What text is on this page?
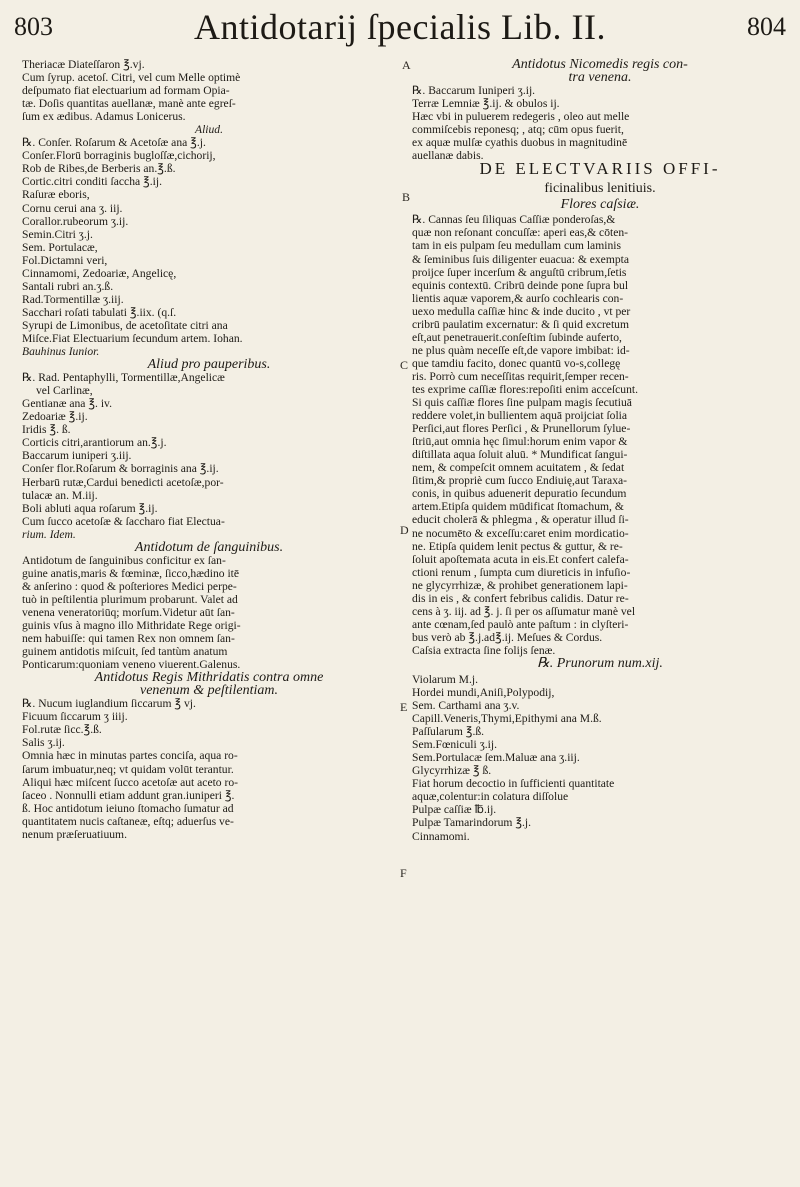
803	Antidotarij ſpecialis Lib. II.	804
A
B
C
D
E
F
Theriacæ Diateſſaron ℥.vj.
Cum ſyrup. acetoſ. Citri, vel cum Melle optimè
deſpumato fiat electuarium ad formam Opia-
tæ. Doſis quantitas auellanæ, manè ante egreſ-
ſum ex ædibus. Adamus Lonicerus.
Aliud.
℞. Conſer. Roſarum & Acetoſæ ana ℥.j.
Conſer.Florū borraginis bugloſſæ,cichorij,
Rob de Ribes,de Berberis an.℥.ß.
Cortic.citri conditi ſaccha ℥.ij.
Raſuræ eboris,
Cornu cerui ana ʒ. iij.
Corallor.rubeorum ʒ.ij.
Semin.Citri ʒ.j.
Sem. Portulacæ,
Fol.Dictamni veri,
Cinnamomi, Zedoariæ, Angelicę,
Santali rubri an.ʒ.ß.
Rad.Tormentillæ ʒ.iij.
Sacchari roſati tabulati ℥.iix. (q.ſ.
Syrupi de Limonibus, de acetoſitate citri ana
Miſce.Fiat Electuarium ſecundum artem. Iohan.
Bauhinus Iunior.
Aliud pro pauperibus.
℞. Rad. Pentaphylli, Tormentillæ,Angelicæ
vel Carlinæ,
Gentianæ ana ℥. iv.
Zedoariæ ℥.ij.
Iridis ℥. ß.
Corticis citri,arantiorum an.℥.j.
Baccarum iuniperi ʒ.iij.
Conſer flor.Roſarum & borraginis ana ℥.ij.
Herbarū rutæ,Cardui benedicti acetoſæ,por-
tulacæ an. M.iij.
Boli abluti aqua roſarum ℥.ij.
Cum ſucco acetoſæ & ſaccharo fiat Electua-
rium. Idem.
Antidotum de ſanguinibus.
Antidotum de ſanguinibus conficitur ex ſan-
guine anatis,maris & fœminæ, ſicco,hædino itē
& anſerino : quod & poſteriores Medici perpe-
tuò in peſtilentia plurimum probarunt. Valet ad
venena veneratoriūq; morſum.Videtur aūt ſan-
guinis vſus à magno illo Mithridate Rege origi-
nem habuiſſe: qui tamen Rex non omnem ſan-
guinem antidotis miſcuit, ſed tantùm anatum
Ponticarum:quoniam veneno viuerent.Galenus.
Antidotus Regis Mithridatis contra omne
venenum & peſtilentiam.
℞. Nucum iuglandium ſiccarum ℥ vj.
Ficuum ſiccarum ʒ iiij.
Fol.rutæ ſicc.℥.ß.
Salis ʒ.ij.
Omnia hæc in minutas partes conciſa, aqua ro-
ſarum imbuatur,neq; vt quidam volūt terantur.
Aliqui hæc miſcent ſucco acetoſæ aut aceto ro-
ſaceo . Nonnulli etiam addunt gran.iuniperi ℥.
ß. Hoc antidotum ieiuno ſtomacho ſumatur ad
quantitatem nucis caſtaneæ, eſtq; aduerſus ve-
nenum præſeruatiuum.
Antidotus Nicomedis regis con-
tra venena.
℞. Baccarum Iuniperi ʒ.ij.
Terræ Lemniæ ℥.ij. & obulos ij.
Hæc vbi in puluerem redegeris , oleo aut melle
commiſcebis reponesq; , atq; cūm opus fuerit,
ex aquæ mulſæ cyathis duobus in magnitudinē
auellanæ dabis.
DE ELECTVARIIS OFFI-
ficinalibus lenitiuis.
Flores caſsiæ.
℞. Cannas ſeu ſiliquas Caſſiæ ponderoſas,&
quæ non reſonant concuſſæ: aperi eas,& cōten-
tam in eis pulpam ſeu medullam cum laminis
& ſeminibus ſuis diligenter euacua: & exempta
proijce ſuper incerſum & anguſtū cribrum,ſetis
equinis contextū. Cribrū deinde pone ſupra bul
lientis aquæ vaporem,& aurſo cochlearis con-
uexo medulla caſſiæ hinc & inde ducito , vt per
cribrū paulatim excernatur: & ſi quid excretum
eſt,aut penetrauerit.conſeſtim ſubinde auferto,
ne plus quàm neceſſe eſt,de vapore imbibat: id-
que tamdiu facito, donec quantū vo‐s,collegę
ris. Porrò cum neceſſitas requirit,ſemper recen-
tes exprime caſſiæ flores:repoſiti enim acceſcunt.
Si quis caſſiæ flores ſine pulpam magis ſecutiuā
reddere volet,in bullientem aquā proijciat ſolia
Perſici,aut flores Perſici , & Prunellorum ſylue-
ſtriū,aut omnia hęc ſimul:horum enim vapor &
diſtillata aqua ſoluit aluū. * Mundificat ſangui-
nem, & compeſcit omnem acuitatem , & ſedat
ſitim,& propriè cum ſucco Endiuię,aut Taraxa-
conis, in quibus aduenerit depuratio ſecundum
artem.Etipſa quidem mūdificat ſtomachum, &
educit cholerā & phlegma , & operatur illud ſi-
ne nocumēto & exceſſu:caret enim mordicatio-
ne. Etipſa quidem lenit pectus & guttur, & re-
ſoluit apoſtemata acuta in eis.Et confert calefa-
ctioni renum , ſumpta cum diureticis in infuſio-
ne glycyrrhizæ, & prohibet generationem lapi-
dis in eis , & confert febribus calidis. Datur re-
cens à ʒ. iij. ad ℥. j. ſi per os aſſumatur manè vel
ante cœnam,ſed paulò ante paſtum : in clyſteri-
bus verò ab ℥.j.ad℥.ij. Meſues & Cordus.
Caſsia extracta ſine folijs ſenæ.
℞. Prunorum num.xij.
Violarum M.j.
Hordei mundi,Aniſi,Polypodij,
Sem. Carthami ana ʒ.v.
Capill.Veneris,Thymi,Epithymi ana M.ß.
Paſſularum ℥.ß.
Sem.Fœniculi ʒ.ij.
Sem.Portulacæ ſem.Maluæ ana ʒ.iij.
Glycyrrhizæ ℥ ß.
Fiat horum decoctio in ſufficienti quantitate
aquæ,colentur:in colatura diſſolue
Pulpæ caſſiæ ℔.ij.
Pulpæ Tamarindorum ℥.j.
Cinnamomi.
